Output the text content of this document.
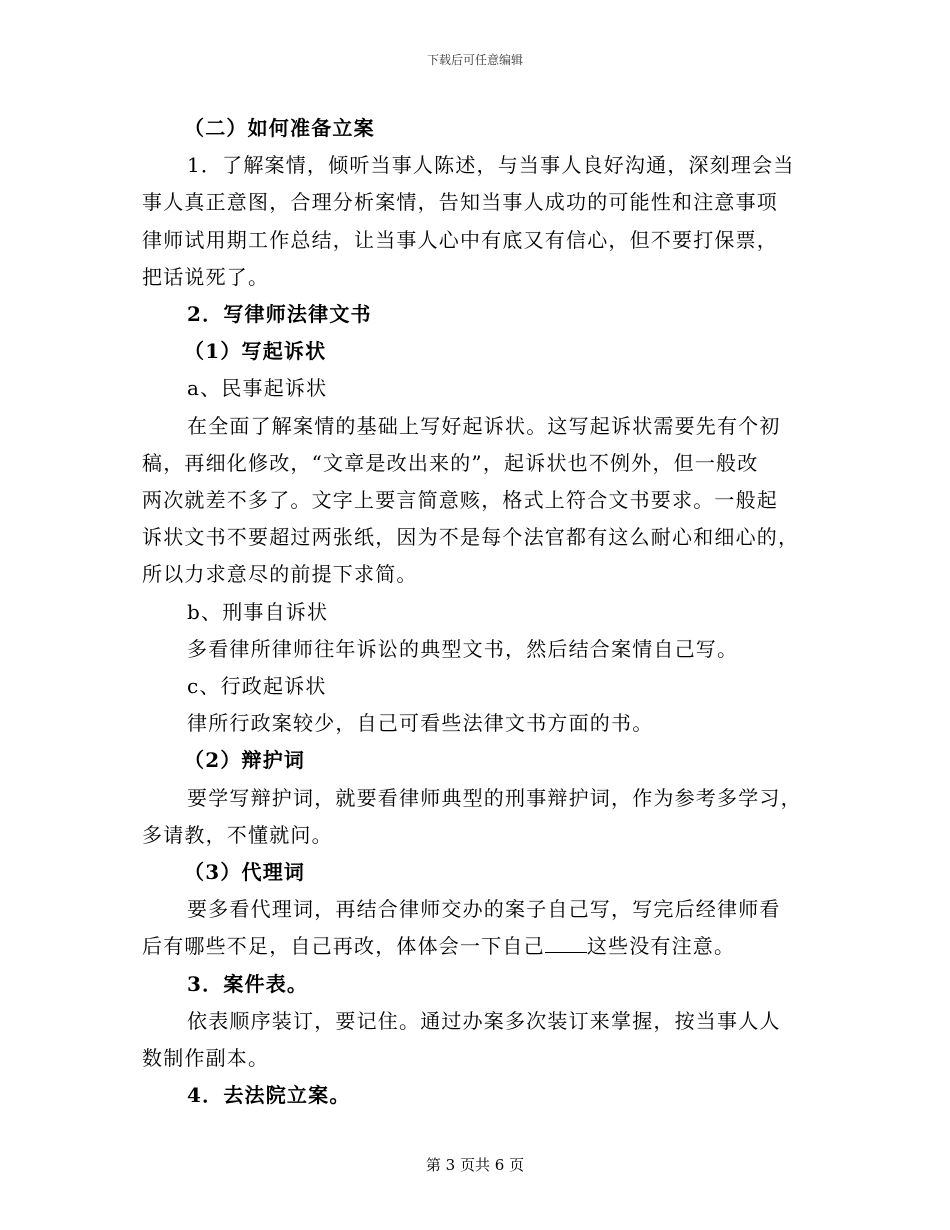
下载后可任意编辑

（二）如何准备立案

1．了解案情，倾听当事人陈述，与当事人良好沟通，深刻理会当
事人真正意图，合理分析案情，告知当事人成功的可能性和注意事项
律师试用期工作总结，让当事人心中有底又有信心，但不要打保票，
把话说死了。

2．写律师法律文书

（1）写起诉状

a、民事起诉状

在全面了解案情的基础上写好起诉状。这写起诉状需要先有个初
稿，再细化修改，“文章是改出来的”，起诉状也不例外，但一般改
两次就差不多了。文字上要言简意赅，格式上符合文书要求。一般起
诉状文书不要超过两张纸，因为不是每个法官都有这么耐心和细心的，
所以力求意尽的前提下求简。

b、刑事自诉状

多看律所律师往年诉讼的典型文书，然后结合案情自己写。

c、行政起诉状

律所行政案较少，自己可看些法律文书方面的书。

（2）辩护词

要学写辩护词，就要看律师典型的刑事辩护词，作为参考多学习，
多请教，不懂就问。

（3）代理词

要多看代理词，再结合律师交办的案子自己写，写完后经律师看
后有哪些不足，自己再改，体体会一下自己 这些没有注意。

3．案件表。

依表顺序装订，要记住。通过办案多次装订来掌握，按当事人人
数制作副本。

4．去法院立案。

第 3 页共 6 页
